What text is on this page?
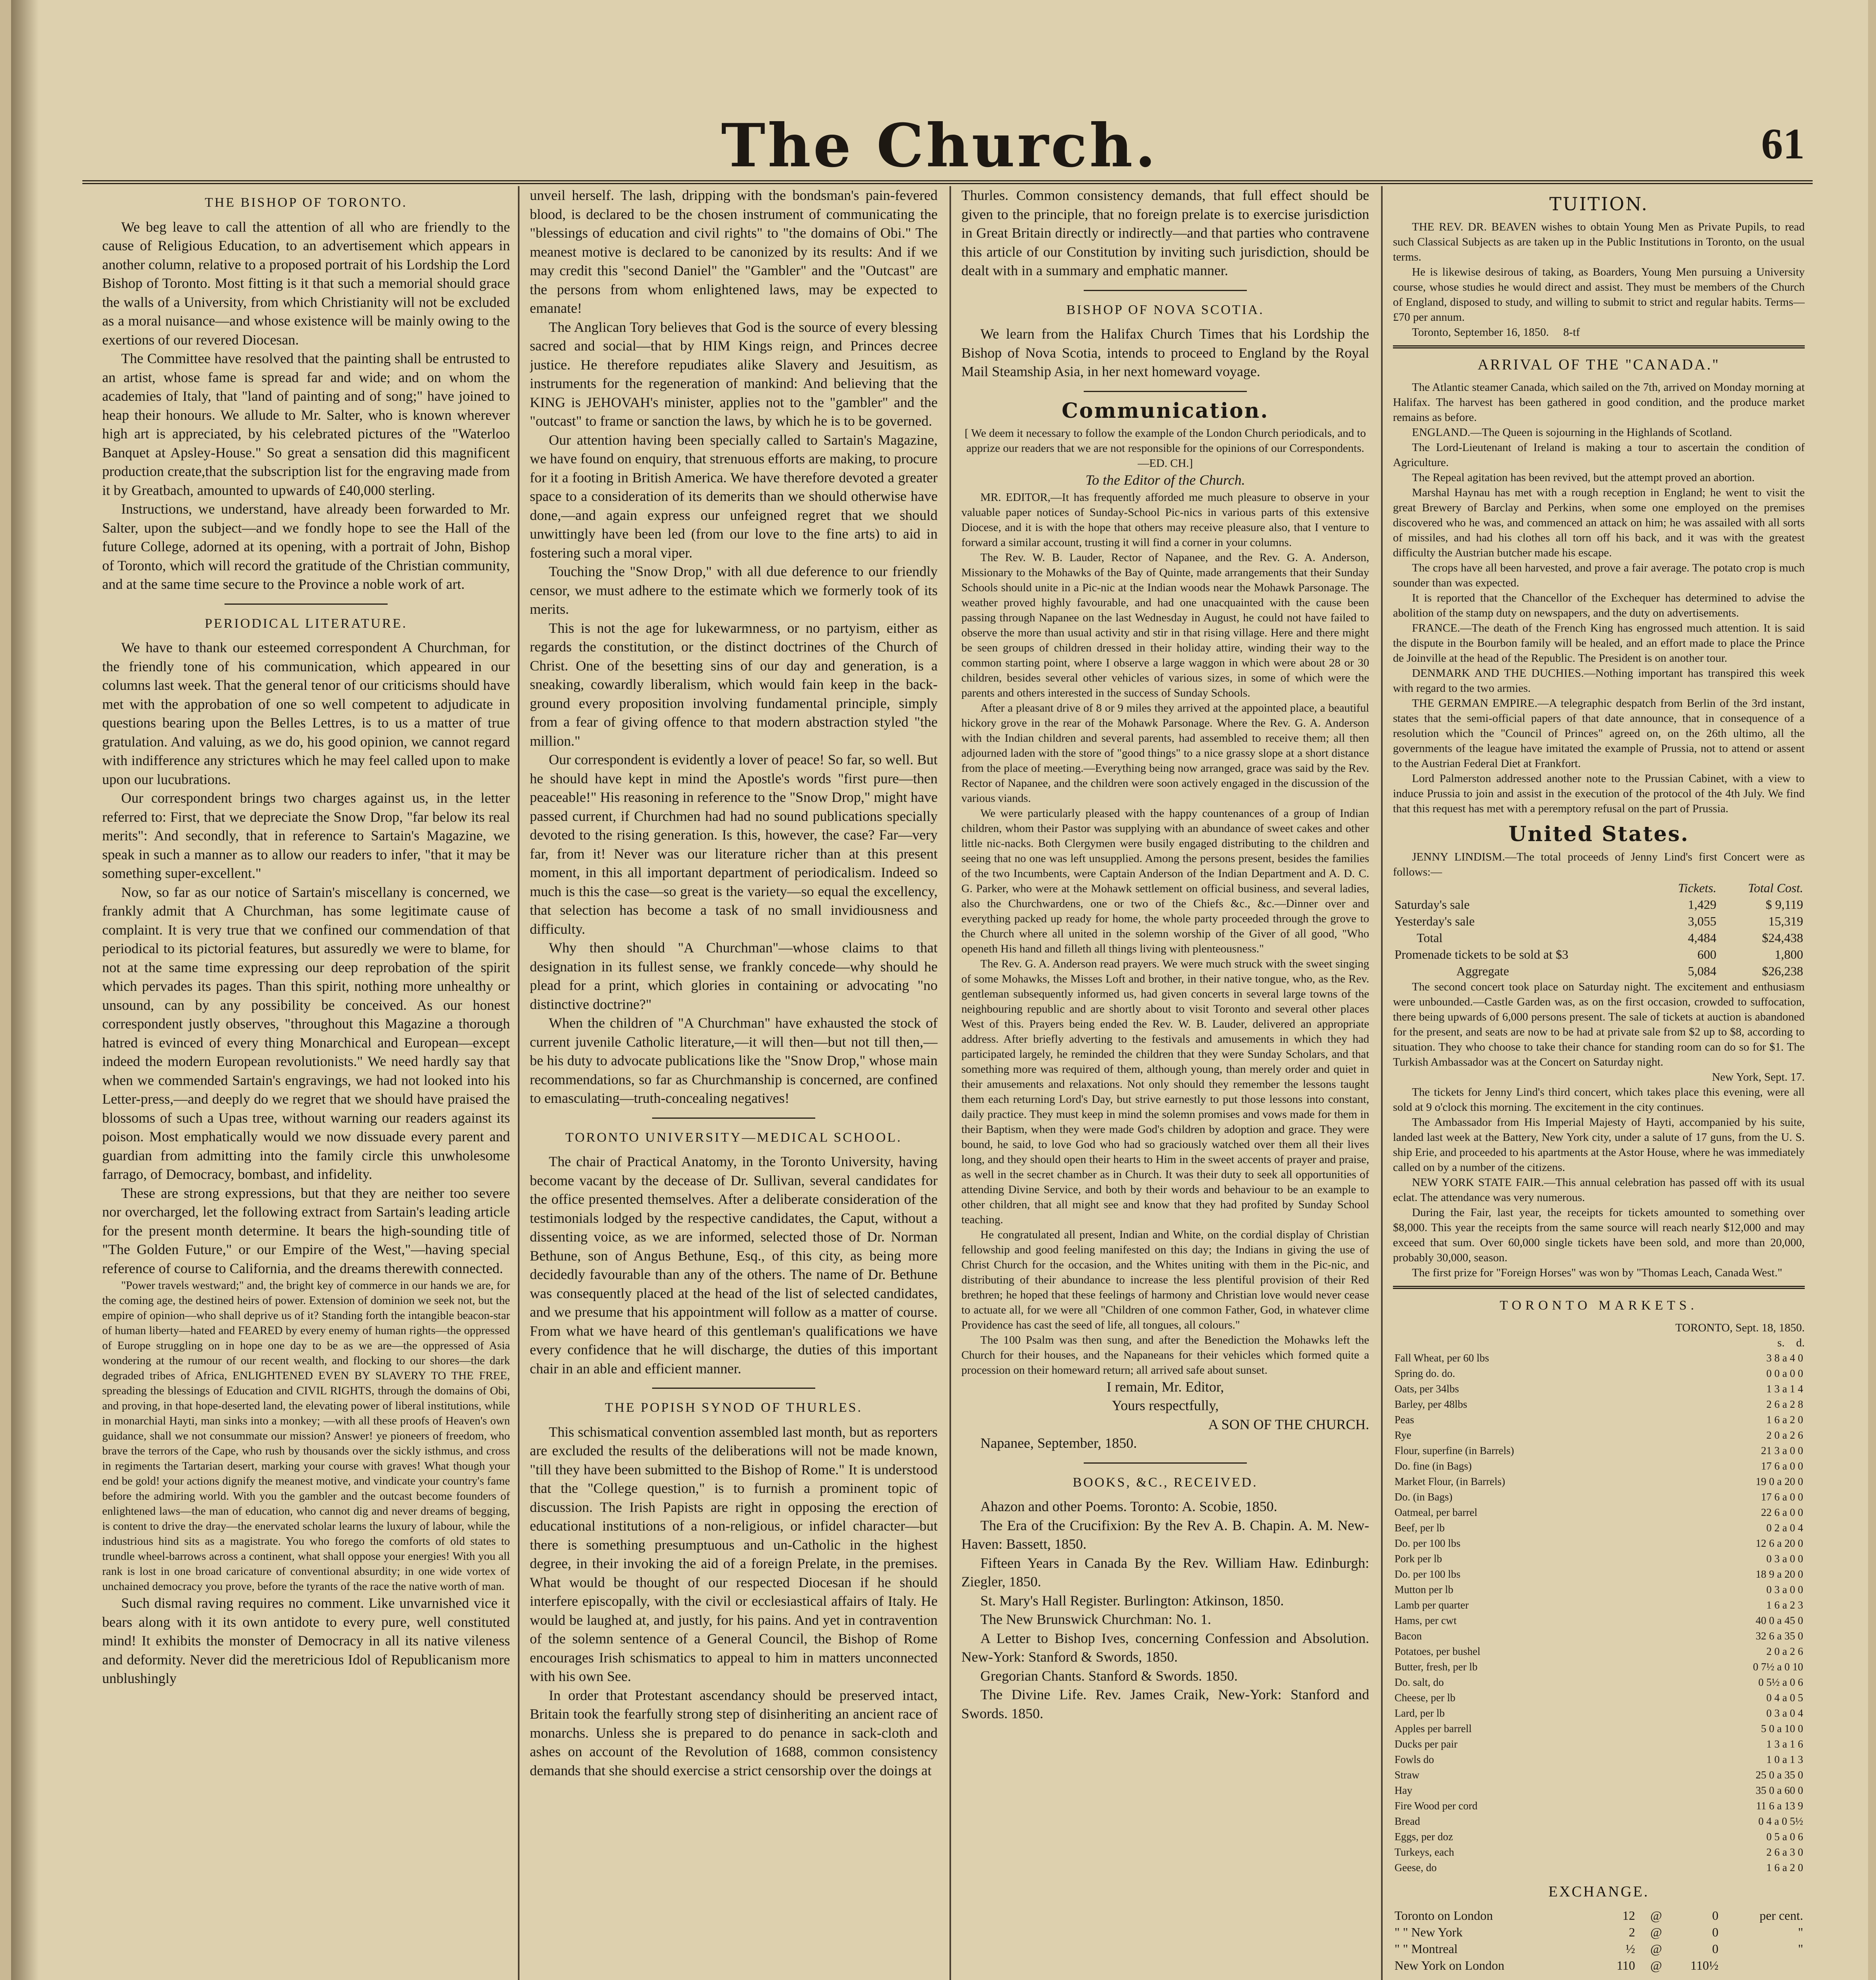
The Church.	61
THE BISHOP OF TORONTO.

We beg leave to call the attention of all who are friendly to the cause of Religious Education, to an advertisement which appears in another column, relative to a proposed portrait of his Lordship the Lord Bishop of Toronto. Most fitting is it that such a memorial should grace the walls of a University, from which Christianity will not be excluded as a moral nuisance—and whose existence will be mainly owing to the exertions of our revered Diocesan.

The Committee have resolved that the painting shall be entrusted to an artist, whose fame is spread far and wide; and on whom the academies of Italy, that "land of painting and of song;" have joined to heap their honours. We allude to Mr. Salter, who is known wherever high art is appreciated, by his celebrated pictures of the "Waterloo Banquet at Apsley-House." So great a sensation did this magnificent production create,that the subscription list for the engraving made from it by Greatbach, amounted to upwards of £40,000 sterling.

Instructions, we understand, have already been forwarded to Mr. Salter, upon the subject—and we fondly hope to see the Hall of the future College, adorned at its opening, with a portrait of John, Bishop of Toronto, which will record the gratitude of the Christian community, and at the same time secure to the Province a noble work of art.

PERIODICAL LITERATURE.

We have to thank our esteemed correspondent A Churchman, for the friendly tone of his communication, which appeared in our columns last week. That the general tenor of our criticisms should have met with the approbation of one so well competent to adjudicate in questions bearing upon the Belles Lettres, is to us a matter of true gratulation. And valuing, as we do, his good opinion, we cannot regard with indifference any strictures which he may feel called upon to make upon our lucubrations.

Our correspondent brings two charges against us, in the letter referred to: First, that we depreciate the Snow Drop, "far below its real merits": And secondly, that in reference to Sartain's Magazine, we speak in such a manner as to allow our readers to infer, "that it may be something super-excellent."

Now, so far as our notice of Sartain's miscellany is concerned, we frankly admit that A Churchman, has some legitimate cause of complaint. It is very true that we confined our commendation of that periodical to its pictorial features, but assuredly we were to blame, for not at the same time expressing our deep reprobation of the spirit which pervades its pages. Than this spirit, nothing more unhealthy or unsound, can by any possibility be conceived. As our honest correspondent justly observes, "throughout this Magazine a thorough hatred is evinced of every thing Monarchical and European—except indeed the modern European revolutionists." We need hardly say that when we commended Sartain's engravings, we had not looked into his Letter-press,—and deeply do we regret that we should have praised the blossoms of such a Upas tree, without warning our readers against its poison. Most emphatically would we now dissuade every parent and guardian from admitting into the family circle this unwholesome farrago, of Democracy, bombast, and infidelity.

These are strong expressions, but that they are neither too severe nor overcharged, let the following extract from Sartain's leading article for the present month determine. It bears the high-sounding title of "The Golden Future," or our Empire of the West,"—having special reference of course to California, and the dreams therewith connected.

"Power travels westward;" and, the bright key of commerce in our hands we are, for the coming age, the destined heirs of power. Extension of dominion we seek not, but the empire of opinion—who shall deprive us of it? Standing forth the intangible beacon-star of human liberty—hated and FEARED by every enemy of human rights—the oppressed of Europe struggling on in hope one day to be as we are—the oppressed of Asia wondering at the rumour of our recent wealth, and flocking to our shores—the dark degraded tribes of Africa, ENLIGHTENED EVEN BY SLAVERY TO THE FREE, spreading the blessings of Education and CIVIL RIGHTS, through the domains of Obi, and proving, in that hope-deserted land, the elevating power of liberal institutions, while in monarchial Hayti, man sinks into a monkey; —with all these proofs of Heaven's own guidance, shall we not consummate our mission? Answer! ye pioneers of freedom, who brave the terrors of the Cape, who rush by thousands over the sickly isthmus, and cross in regiments the Tartarian desert, marking your course with graves! What though your end be gold! your actions dignify the meanest motive, and vindicate your country's fame before the admiring world. With you the gambler and the outcast become founders of enlightened laws—the man of education, who cannot dig and never dreams of begging, is content to drive the dray—the enervated scholar learns the luxury of labour, while the industrious hind sits as a magistrate. You who forego the comforts of old states to trundle wheel-barrows across a continent, what shall oppose your energies! With you all rank is lost in one broad caricature of conventional absurdity; in one wide vortex of unchained democracy you prove, before the tyrants of the race the native worth of man.

Such dismal raving requires no comment. Like unvarnished vice it bears along with it its own antidote to every pure, well constituted mind! It exhibits the monster of Democracy in all its native vileness and deformity. Never did the meretricious Idol of Republicanism more unblushingly

unveil herself. The lash, dripping with the bondsman's pain-fevered blood, is declared to be the chosen instrument of communicating the "blessings of education and civil rights" to "the domains of Obi." The meanest motive is declared to be canonized by its results: And if we may credit this "second Daniel" the "Gambler" and the "Outcast" are the persons from whom enlightened laws, may be expected to emanate!

The Anglican Tory believes that God is the source of every blessing sacred and social—that by HIM Kings reign, and Princes decree justice. He therefore repudiates alike Slavery and Jesuitism, as instruments for the regeneration of mankind: And believing that the KING is JEHOVAH's minister, applies not to the "gambler" and the "outcast" to frame or sanction the laws, by which he is to be governed.

Our attention having been specially called to Sartain's Magazine, we have found on enquiry, that strenuous efforts are making, to procure for it a footing in British America. We have therefore devoted a greater space to a consideration of its demerits than we should otherwise have done,—and again express our unfeigned regret that we should unwittingly have been led (from our love to the fine arts) to aid in fostering such a moral viper.

Touching the "Snow Drop," with all due deference to our friendly censor, we must adhere to the estimate which we formerly took of its merits.

This is not the age for lukewarmness, or no partyism, either as regards the constitution, or the distinct doctrines of the Church of Christ. One of the besetting sins of our day and generation, is a sneaking, cowardly liberalism, which would fain keep in the back-ground every proposition involving fundamental principle, simply from a fear of giving offence to that modern abstraction styled "the million."

Our correspondent is evidently a lover of peace! So far, so well. But he should have kept in mind the Apostle's words "first pure—then peaceable!" His reasoning in reference to the "Snow Drop," might have passed current, if Churchmen had had no sound publications specially devoted to the rising generation. Is this, however, the case? Far—very far, from it! Never was our literature richer than at this present moment, in this all important department of periodicalism. Indeed so much is this the case—so great is the variety—so equal the excellency, that selection has become a task of no small invidiousness and difficulty.

Why then should "A Churchman"—whose claims to that designation in its fullest sense, we frankly concede—why should he plead for a print, which glories in containing or advocating "no distinctive doctrine?"

When the children of "A Churchman" have exhausted the stock of current juvenile Catholic literature,—it will then—but not till then,—be his duty to advocate publications like the "Snow Drop," whose main recommendations, so far as Churchmanship is concerned, are confined to emasculating—truth-concealing negatives!

TORONTO UNIVERSITY—MEDICAL SCHOOL.

The chair of Practical Anatomy, in the Toronto University, having become vacant by the decease of Dr. Sullivan, several candidates for the office presented themselves. After a deliberate consideration of the testimonials lodged by the respective candidates, the Caput, without a dissenting voice, as we are informed, selected those of Dr. Norman Bethune, son of Angus Bethune, Esq., of this city, as being more decidedly favourable than any of the others. The name of Dr. Bethune was consequently placed at the head of the list of selected candidates, and we presume that his appointment will follow as a matter of course. From what we have heard of this gentleman's qualifications we have every confidence that he will discharge, the duties of this important chair in an able and efficient manner.

THE POPISH SYNOD OF THURLES.

This schismatical convention assembled last month, but as reporters are excluded the results of the deliberations will not be made known, "till they have been submitted to the Bishop of Rome." It is understood that the "College question," is to furnish a prominent topic of discussion. The Irish Papists are right in opposing the erection of educational institutions of a non-religious, or infidel character—but there is something presumptuous and un-Catholic in the highest degree, in their invoking the aid of a foreign Prelate, in the premises. What would be thought of our respected Diocesan if he should interfere episcopally, with the civil or ecclesiastical affairs of Italy. He would be laughed at, and justly, for his pains. And yet in contravention of the solemn sentence of a General Council, the Bishop of Rome encourages Irish schismatics to appeal to him in matters unconnected with his own See.

In order that Protestant ascendancy should be preserved intact, Britain took the fearfully strong step of disinheriting an ancient race of monarchs. Unless she is prepared to do penance in sack-cloth and ashes on account of the Revolution of 1688, common consistency demands that she should exercise a strict censorship over the doings at

Thurles. Common consistency demands, that full effect should be given to the principle, that no foreign prelate is to exercise jurisdiction in Great Britain directly or indirectly—and that parties who contravene this article of our Constitution by inviting such jurisdiction, should be dealt with in a summary and emphatic manner.

BISHOP OF NOVA SCOTIA.

We learn from the Halifax Church Times that his Lordship the Bishop of Nova Scotia, intends to proceed to England by the Royal Mail Steamship Asia, in her next homeward voyage.

Communication.

[ We deem it necessary to follow the example of the London Church periodicals, and to apprize our readers that we are not responsible for the opinions of our Correspondents.—ED. CH.]

To the Editor of the Church.

MR. EDITOR,—It has frequently afforded me much pleasure to observe in your valuable paper notices of Sunday-School Pic-nics in various parts of this extensive Diocese, and it is with the hope that others may receive pleasure also, that I venture to forward a similar account, trusting it will find a corner in your columns.

The Rev. W. B. Lauder, Rector of Napanee, and the Rev. G. A. Anderson, Missionary to the Mohawks of the Bay of Quinte, made arrangements that their Sunday Schools should unite in a Pic-nic at the Indian woods near the Mohawk Parsonage. The weather proved highly favourable, and had one unacquainted with the cause been passing through Napanee on the last Wednesday in August, he could not have failed to observe the more than usual activity and stir in that rising village. Here and there might be seen groups of children dressed in their holiday attire, winding their way to the common starting point, where I observe a large waggon in which were about 28 or 30 children, besides several other vehicles of various sizes, in some of which were the parents and others interested in the success of Sunday Schools.

After a pleasant drive of 8 or 9 miles they arrived at the appointed place, a beautiful hickory grove in the rear of the Mohawk Parsonage. Where the Rev. G. A. Anderson with the Indian children and several parents, had assembled to receive them; all then adjourned laden with the store of "good things" to a nice grassy slope at a short distance from the place of meeting.—Everything being now arranged, grace was said by the Rev. Rector of Napanee, and the children were soon actively engaged in the discussion of the various viands.

We were particularly pleased with the happy countenances of a group of Indian children, whom their Pastor was supplying with an abundance of sweet cakes and other little nic-nacks. Both Clergymen were busily engaged distributing to the children and seeing that no one was left unsupplied. Among the persons present, besides the families of the two Incumbents, were Captain Anderson of the Indian Department and A. D. C. G. Parker, who were at the Mohawk settlement on official business, and several ladies, also the Churchwardens, one or two of the Chiefs &c., &c.—Dinner over and everything packed up ready for home, the whole party proceeded through the grove to the Church where all united in the solemn worship of the Giver of all good, "Who openeth His hand and filleth all things living with plenteousness."

The Rev. G. A. Anderson read prayers. We were much struck with the sweet singing of some Mohawks, the Misses Loft and brother, in their native tongue, who, as the Rev. gentleman subsequently informed us, had given concerts in several large towns of the neighbouring republic and are shortly about to visit Toronto and several other places West of this. Prayers being ended the Rev. W. B. Lauder, delivered an appropriate address. After briefly adverting to the festivals and amusements in which they had participated largely, he reminded the children that they were Sunday Scholars, and that something more was required of them, although young, than merely order and quiet in their amusements and relaxations. Not only should they remember the lessons taught them each returning Lord's Day, but strive earnestly to put those lessons into constant, daily practice. They must keep in mind the solemn promises and vows made for them in their Baptism, when they were made God's children by adoption and grace. They were bound, he said, to love God who had so graciously watched over them all their lives long, and they should open their hearts to Him in the sweet accents of prayer and praise, as well in the secret chamber as in Church. It was their duty to seek all opportunities of attending Divine Service, and both by their words and behaviour to be an example to other children, that all might see and know that they had profited by Sunday School teaching.

He congratulated all present, Indian and White, on the cordial display of Christian fellowship and good feeling manifested on this day; the Indians in giving the use of Christ Church for the occasion, and the Whites uniting with them in the Pic-nic, and distributing of their abundance to increase the less plentiful provision of their Red brethren; he hoped that these feelings of harmony and Christian love would never cease to actuate all, for we were all "Children of one common Father, God, in whatever clime Providence has cast the seed of life, all tongues, all colours."

The 100 Psalm was then sung, and after the Benediction the Mohawks left the Church for their houses, and the Napaneans for their vehicles which formed quite a procession on their homeward return; all arrived safe about sunset.

I remain, Mr. Editor,

Yours respectfully,

A SON OF THE CHURCH.

Napanee, September, 1850.

BOOKS, &C., RECEIVED.

Ahazon and other Poems. Toronto: A. Scobie, 1850.

The Era of the Crucifixion: By the Rev A. B. Chapin. A. M. New-Haven: Bassett, 1850.

Fifteen Years in Canada By the Rev. William Haw. Edinburgh: Ziegler, 1850.

St. Mary's Hall Register. Burlington: Atkinson, 1850.

The New Brunswick Churchman: No. 1.

A Letter to Bishop Ives, concerning Confession and Absolution. New-York: Stanford & Swords, 1850.

Gregorian Chants. Stanford & Swords. 1850.

The Divine Life. Rev. James Craik, New-York: Stanford and Swords. 1850.

TUITION.

THE REV. DR. BEAVEN wishes to obtain Young Men as Private Pupils, to read such Classical Subjects as are taken up in the Public Institutions in Toronto, on the usual terms.

He is likewise desirous of taking, as Boarders, Young Men pursuing a University course, whose studies he would direct and assist. They must be members of the Church of England, disposed to study, and willing to submit to strict and regular habits. Terms—£70 per annum.

Toronto, September 16, 1850. 8-tf

ARRIVAL OF THE "CANADA."

The Atlantic steamer Canada, which sailed on the 7th, arrived on Monday morning at Halifax. The harvest has been gathered in good condition, and the produce market remains as before.

ENGLAND.—The Queen is sojourning in the Highlands of Scotland.

The Lord-Lieutenant of Ireland is making a tour to ascertain the condition of Agriculture.

The Repeal agitation has been revived, but the attempt proved an abortion.

Marshal Haynau has met with a rough reception in England; he went to visit the great Brewery of Barclay and Perkins, when some one employed on the premises discovered who he was, and commenced an attack on him; he was assailed with all sorts of missiles, and had his clothes all torn off his back, and it was with the greatest difficulty the Austrian butcher made his escape.

The crops have all been harvested, and prove a fair average. The potato crop is much sounder than was expected.

It is reported that the Chancellor of the Exchequer has determined to advise the abolition of the stamp duty on newspapers, and the duty on advertisements.

FRANCE.—The death of the French King has engrossed much attention. It is said the dispute in the Bourbon family will be healed, and an effort made to place the Prince de Joinville at the head of the Republic. The President is on another tour.

DENMARK AND THE DUCHIES.—Nothing important has transpired this week with regard to the two armies.

THE GERMAN EMPIRE.—A telegraphic despatch from Berlin of the 3rd instant, states that the semi-official papers of that date announce, that in consequence of a resolution which the "Council of Princes" agreed on, on the 26th ultimo, all the governments of the league have imitated the example of Prussia, not to attend or assent to the Austrian Federal Diet at Frankfort.

Lord Palmerston addressed another note to the Prussian Cabinet, with a view to induce Prussia to join and assist in the execution of the protocol of the 4th July. We find that this request has met with a peremptory refusal on the part of Prussia.

United States.

JENNY LINDISM.—The total proceeds of Jenny Lind's first Concert were as follows:—

	Tickets.	Total Cost.
Saturday's sale	1,429	$ 9,119
Yesterday's sale	3,055	15,319
Total	4,484	$24,438
Promenade tickets to be sold at $3	600	1,800
Aggregate	5,084	$26,238

The second concert took place on Saturday night. The excitement and enthusiasm were unbounded.—Castle Garden was, as on the first occasion, crowded to suffocation, there being upwards of 6,000 persons present. The sale of tickets at auction is abandoned for the present, and seats are now to be had at private sale from $2 up to $8, according to situation. They who choose to take their chance for standing room can do so for $1. The Turkish Ambassador was at the Concert on Saturday night.

New York, Sept. 17.

The tickets for Jenny Lind's third concert, which takes place this evening, were all sold at 9 o'clock this morning. The excitement in the city continues.

The Ambassador from His Imperial Majesty of Hayti, accompanied by his suite, landed last week at the Battery, New York city, under a salute of 17 guns, from the U. S. ship Erie, and proceeded to his apartments at the Astor House, where he was immediately called on by a number of the citizens.

NEW YORK STATE FAIR.—This annual celebration has passed off with its usual eclat. The attendance was very numerous.

During the Fair, last year, the receipts for tickets amounted to something over $8,000. This year the receipts from the same source will reach nearly $12,000 and may exceed that sum. Over 60,000 single tickets have been sold, and more than 20,000, probably 30,000, season.

The first prize for "Foreign Horses" was won by "Thomas Leach, Canada West."

TORONTO MARKETS.

TORONTO, Sept. 18, 1850.

s. d.

Fall Wheat, per 60 lbs	3 8 a 4 0
Spring do. do.	0 0 a 0 0
Oats, per 34lbs	1 3 a 1 4
Barley, per 48lbs	2 6 a 2 8
Peas	1 6 a 2 0
Rye	2 0 a 2 6
Flour, superfine (in Barrels)	21 3 a 0 0
Do. fine (in Bags)	17 6 a 0 0
Market Flour, (in Barrels)	19 0 a 20 0
Do. (in Bags)	17 6 a 0 0
Oatmeal, per barrel	22 6 a 0 0
Beef, per lb	0 2 a 0 4
Do. per 100 lbs	12 6 a 20 0
Pork per lb	0 3 a 0 0
Do. per 100 lbs	18 9 a 20 0
Mutton per lb	0 3 a 0 0
Lamb per quarter	1 6 a 2 3
Hams, per cwt	40 0 a 45 0
Bacon	32 6 a 35 0
Potatoes, per bushel	2 0 a 2 6
Butter, fresh, per lb	0 7½ a 0 10
Do. salt, do	0 5½ a 0 6
Cheese, per lb	0 4 a 0 5
Lard, per lb	0 3 a 0 4
Apples per barrell	5 0 a 10 0
Ducks per pair	1 3 a 1 6
Fowls do	1 0 a 1 3
Straw	25 0 a 35 0
Hay	35 0 a 60 0
Fire Wood per cord	11 6 a 13 9
Bread	0 4 a 0 5½
Eggs, per doz	0 5 a 0 6
Turkeys, each	2 6 a 3 0
Geese, do	1 6 a 2 0
EXCHANGE.
Toronto on London	12	@	0	per cent.
" " New York	2	@	0	"
" " Montreal	½	@	0	"
New York on London	110	@	110½	
